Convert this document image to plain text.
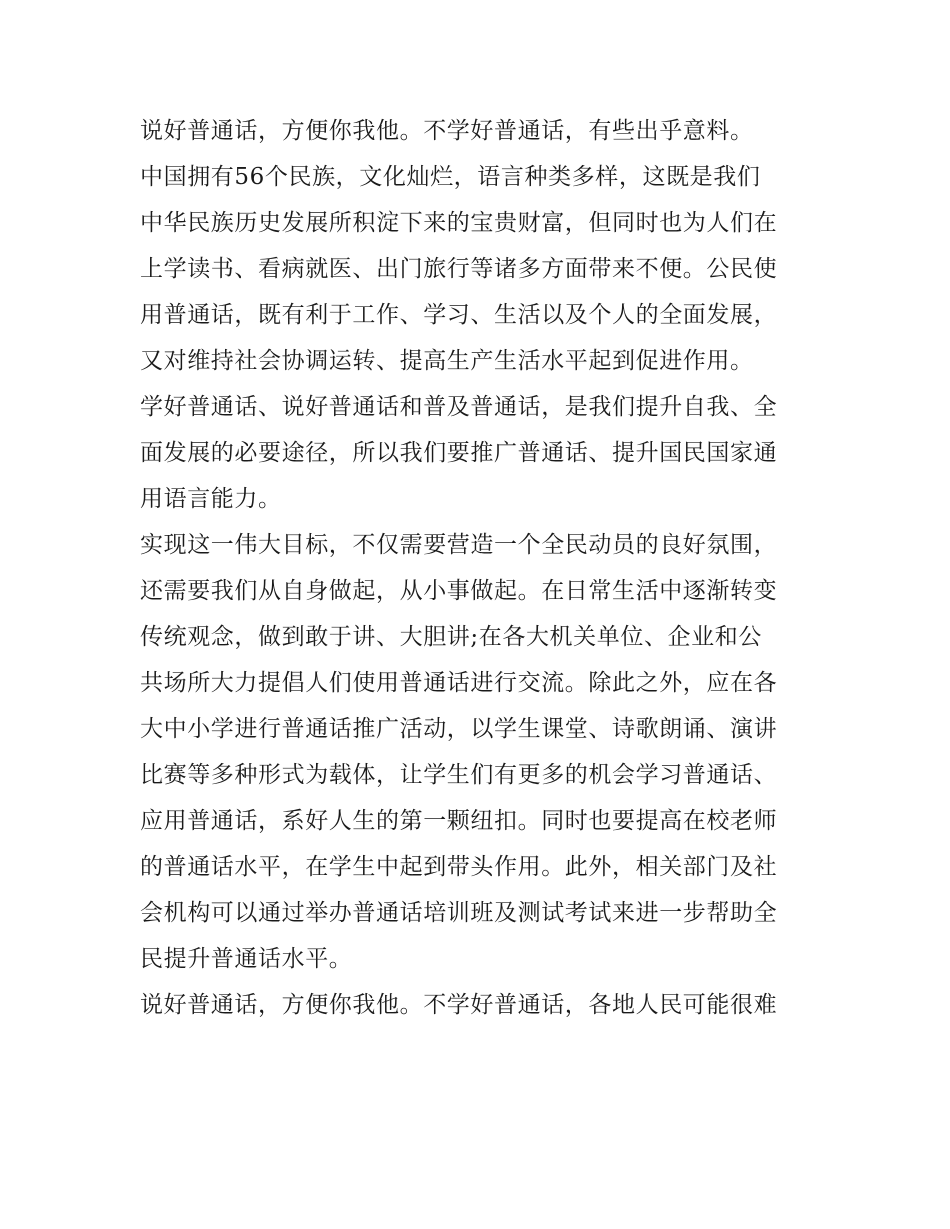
说好普通话，方便你我他。不学好普通话，有些出乎意料。
中国拥有56个民族，文化灿烂，语言种类多样，这既是我们
中华民族历史发展所积淀下来的宝贵财富，但同时也为人们在
上学读书、看病就医、出门旅行等诸多方面带来不便。公民使
用普通话，既有利于工作、学习、生活以及个人的全面发展，
又对维持社会协调运转、提高生产生活水平起到促进作用。
学好普通话、说好普通话和普及普通话，是我们提升自我、全
面发展的必要途径，所以我们要推广普通话、提升国民国家通
用语言能力。
实现这一伟大目标，不仅需要营造一个全民动员的良好氛围，
还需要我们从自身做起，从小事做起。在日常生活中逐渐转变
传统观念，做到敢于讲、大胆讲;在各大机关单位、企业和公
共场所大力提倡人们使用普通话进行交流。除此之外，应在各
大中小学进行普通话推广活动，以学生课堂、诗歌朗诵、演讲
比赛等多种形式为载体，让学生们有更多的机会学习普通话、
应用普通话，系好人生的第一颗纽扣。同时也要提高在校老师
的普通话水平，在学生中起到带头作用。此外，相关部门及社
会机构可以通过举办普通话培训班及测试考试来进一步帮助全
民提升普通话水平。
说好普通话，方便你我他。不学好普通话，各地人民可能很难
